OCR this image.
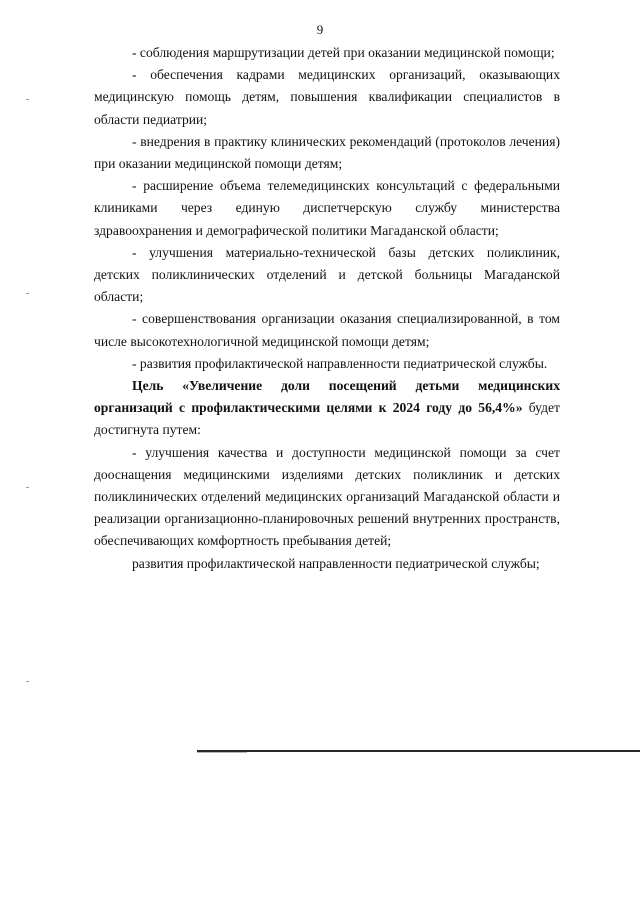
9

- соблюдения маршрутизации детей при оказании медицинской помощи;

- обеспечения кадрами медицинских организаций, оказывающих медицинскую помощь детям, повышения квалификации специалистов в области педиатрии;

- внедрения в практику клинических рекомендаций (протоколов лечения) при оказании медицинской помощи детям;

- расширение объема телемедицинских консультаций с федеральными клиниками через единую диспетчерскую службу министерства здравоохранения и демографической политики Магаданской области;

- улучшения материально-технической базы детских поликлиник, детских поликлинических отделений и детской больницы Магаданской области;

- совершенствования организации оказания специализированной, в том числе высокотехнологичной медицинской помощи детям;

- развития профилактической направленности педиатрической службы.

Цель «Увеличение доли посещений детьми медицинских организаций с профилактическими целями к 2024 году до 56,4%» будет достигнута путем:

- улучшения качества и доступности медицинской помощи за счет дооснащения медицинскими изделиями детских поликлиник и детских поликлинических отделений медицинских организаций Магаданской области и реализации организационно-планировочных решений внутренних пространств, обеспечивающих комфортность пребывания детей;

развития профилактической направленности педиатрической службы;
